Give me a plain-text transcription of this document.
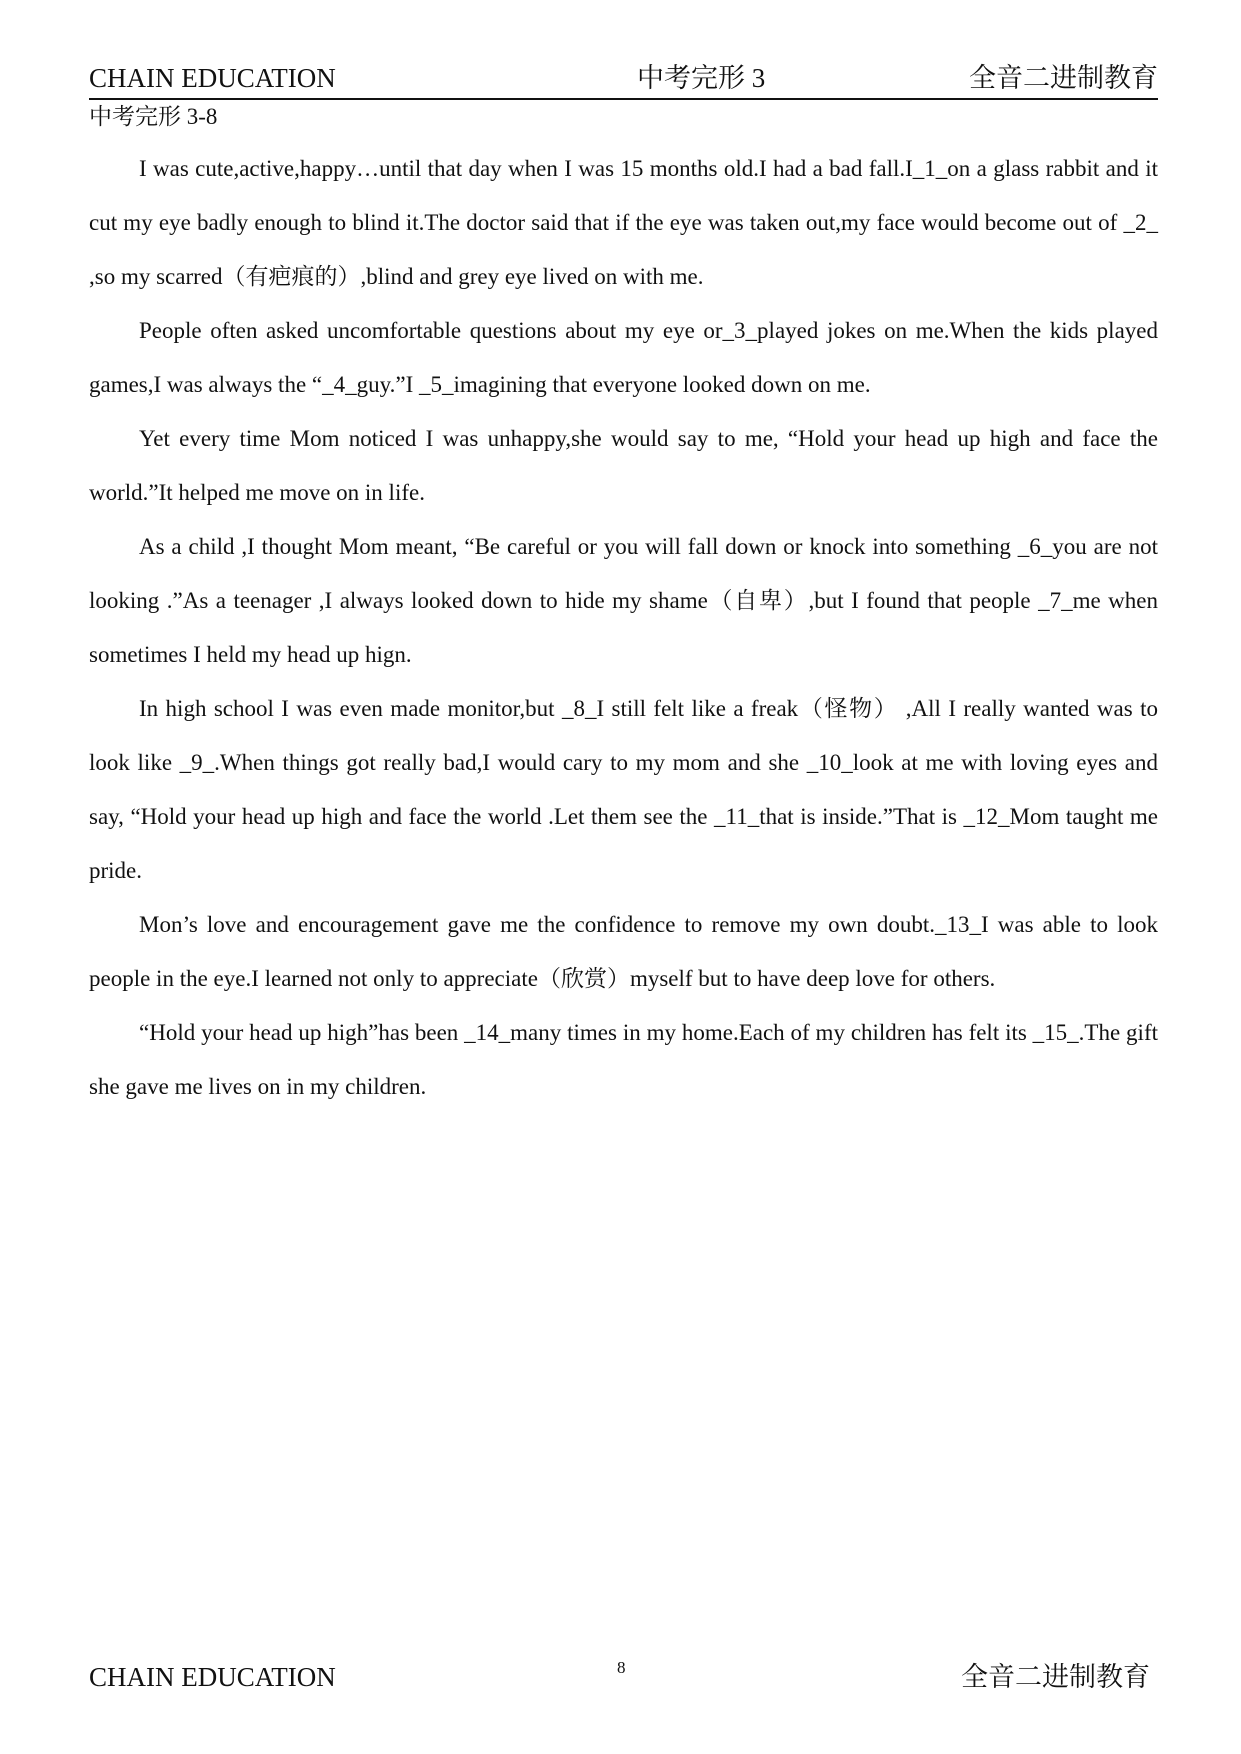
CHAIN EDUCATION	中考完形 3	全音二进制教育
中考完形 3-8

I was cute,active,happy…until that day when I was 15 months old.I had a bad fall.I_1_on a glass rabbit and it cut my eye badly enough to blind it.The doctor said that if the eye was taken out,my face would become out of _2_ ,so my scarred（有疤痕的）,blind and grey eye lived on with me.

People often asked uncomfortable questions about my eye or_3_played jokes on me.When the kids played games,I was always the “_4_guy.”I _5_imagining that everyone looked down on me.

Yet every time Mom noticed I was unhappy,she would say to me, “Hold your head up high and face the world.”It helped me move on in life.

As a child ,I thought Mom meant, “Be careful or you will fall down or knock into something _6_you are not looking .”As a teenager ,I always looked down to hide my shame（自卑）,but I found that people _7_me when sometimes I held my head up hign.

In high school I was even made monitor,but _8_I still felt like a freak（怪物） ,All I really wanted was to look like _9_.When things got really bad,I would cary to my mom and she _10_look at me with loving eyes and say, “Hold your head up high and face the world .Let them see the _11_that is inside.”That is _12_Mom taught me pride.

Mon’s love and encouragement gave me the confidence to remove my own doubt._13_I was able to look people in the eye.I learned not only to appreciate（欣赏）myself but to have deep love for others.

“Hold your head up high”has been _14_many times in my home.Each of my children has felt its _15_.The gift she gave me lives on in my children.

CHAIN EDUCATION	8	全音二进制教育
